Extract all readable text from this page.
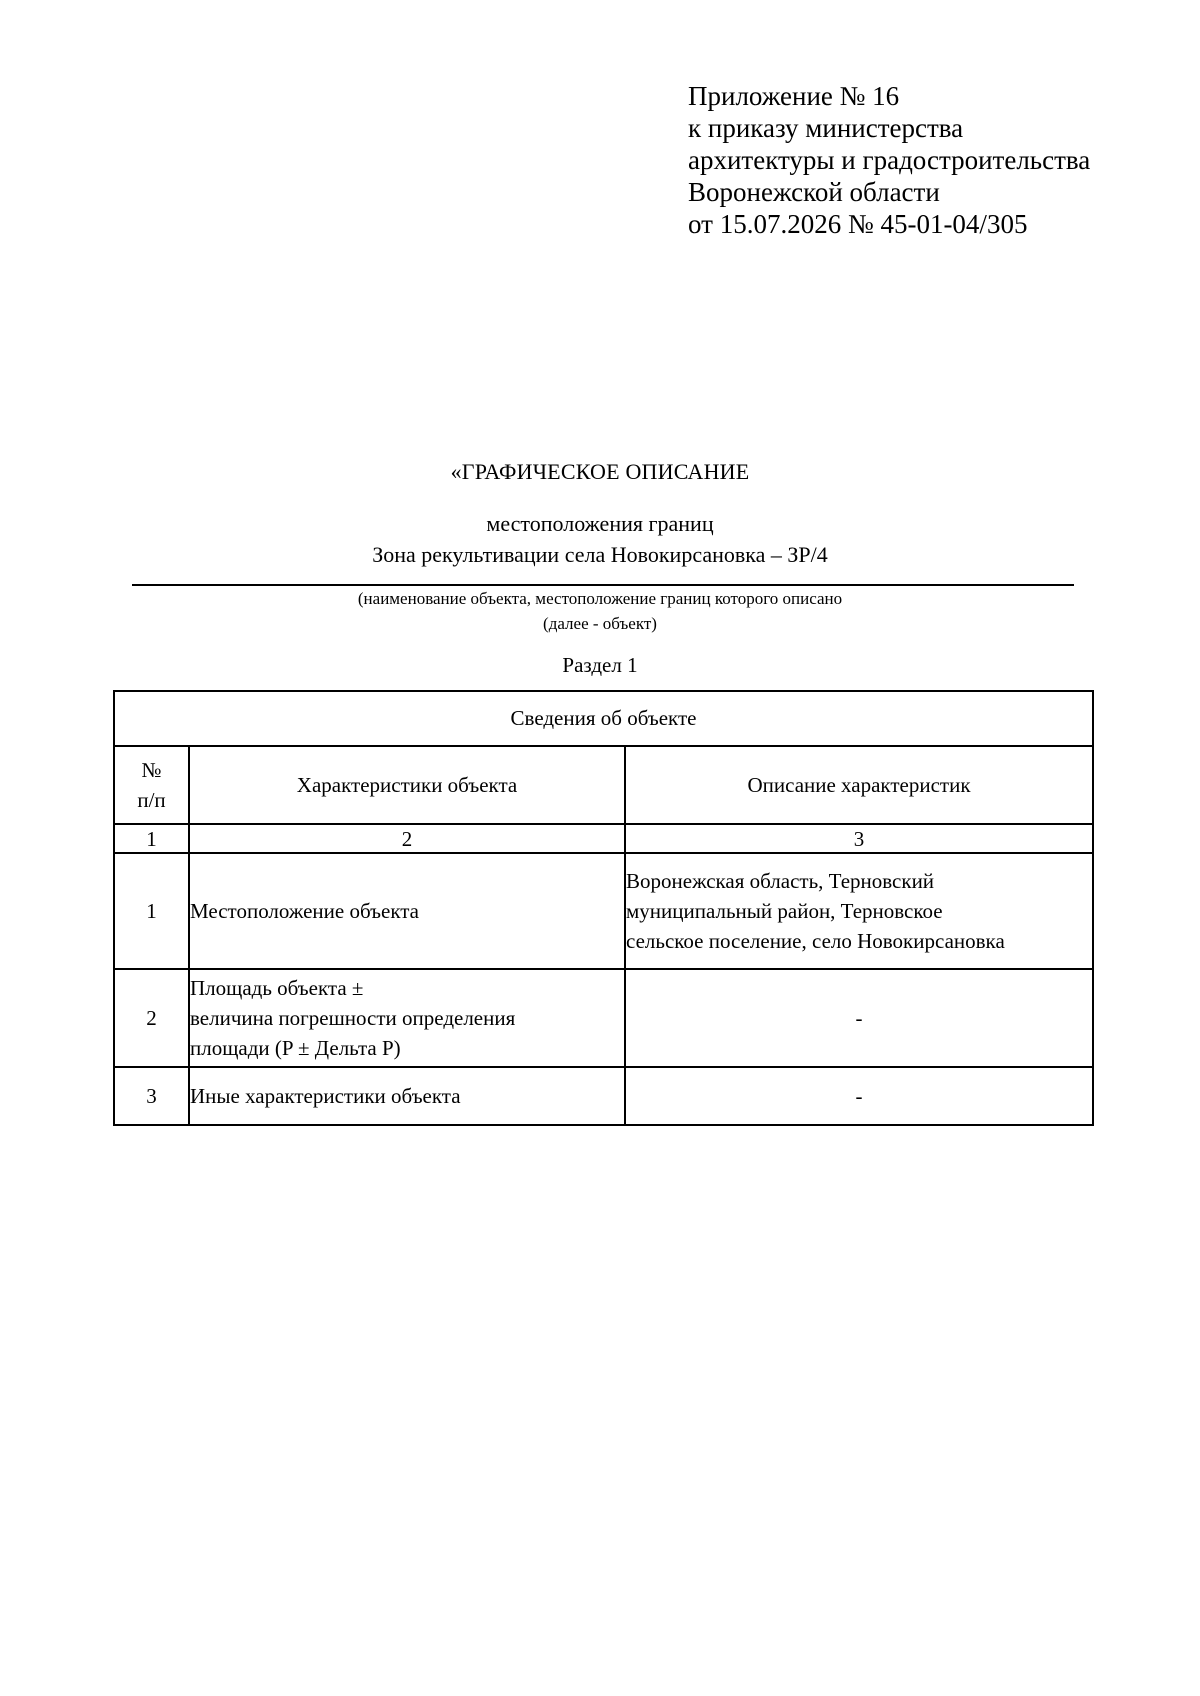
Приложение № 16
к приказу министерства
архитектуры и градостроительства
Воронежской области
от 15.07.2026 № 45-01-04/305
«ГРАФИЧЕСКОЕ ОПИСАНИЕ
местоположения границ
Зона рекультивации села Новокирсановка – ЗР/4
(наименование объекта, местоположение границ которого описано
(далее - объект)
Раздел 1
Сведения об объекте		

№
п/п	Характеристики объекта	Описание характеристик
1	2	3
1	Местоположение объекта	Воронежская область, Терновский
муниципальный район, Терновское
сельское поселение, село Новокирсановка

2	Площадь объекта ±
величина погрешности определения
площади (P ± Дельта P)	-

3	Иные характеристики объекта	-
